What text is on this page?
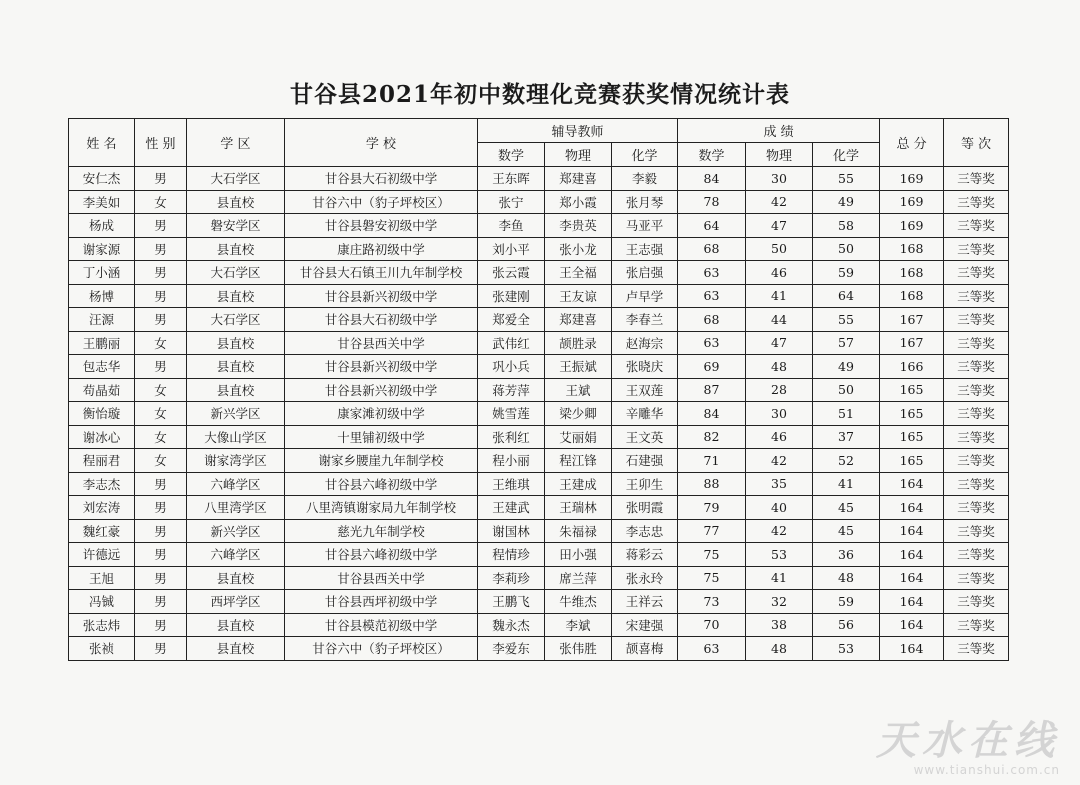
甘谷县2021年初中数理化竞赛获奖情况统计表
姓 名	性 别	学 区	学 校	辅导教师			成 绩			总 分	等 次
				数学	物理	化学	数学	物理	化学		
安仁杰	男	大石学区	甘谷县大石初级中学	王东晖	郑建喜	李毅	84	30	55	169	三等奖
李美如	女	县直校	甘谷六中（豹子坪校区）	张宁	郑小霞	张月琴	78	42	49	169	三等奖
杨成	男	磐安学区	甘谷县磐安初级中学	李鱼	李贵英	马亚平	64	47	58	169	三等奖
谢家源	男	县直校	康庄路初级中学	刘小平	张小龙	王志强	68	50	50	168	三等奖
丁小涵	男	大石学区	甘谷县大石镇王川九年制学校	张云霞	王全福	张启强	63	46	59	168	三等奖
杨博	男	县直校	甘谷县新兴初级中学	张建刚	王友谅	卢早学	63	41	64	168	三等奖
汪源	男	大石学区	甘谷县大石初级中学	郑爱全	郑建喜	李春兰	68	44	55	167	三等奖
王鹏丽	女	县直校	甘谷县西关中学	武伟红	颉胜录	赵海宗	63	47	57	167	三等奖
包志华	男	县直校	甘谷县新兴初级中学	巩小兵	王振斌	张晓庆	69	48	49	166	三等奖
苟晶茹	女	县直校	甘谷县新兴初级中学	蒋芳萍	王斌	王双莲	87	28	50	165	三等奖
衡怡璇	女	新兴学区	康家滩初级中学	姚雪莲	梁少卿	辛雕华	84	30	51	165	三等奖
谢冰心	女	大像山学区	十里铺初级中学	张利红	艾丽娟	王文英	82	46	37	165	三等奖
程丽君	女	谢家湾学区	谢家乡腰崖九年制学校	程小丽	程江锋	石建强	71	42	52	165	三等奖
李志杰	男	六峰学区	甘谷县六峰初级中学	王维琪	王建成	王卯生	88	35	41	164	三等奖
刘宏涛	男	八里湾学区	八里湾镇谢家局九年制学校	王建武	王瑞林	张明霞	79	40	45	164	三等奖
魏红豪	男	新兴学区	慈光九年制学校	谢国林	朱福禄	李志忠	77	42	45	164	三等奖
许德远	男	六峰学区	甘谷县六峰初级中学	程情珍	田小强	蒋彩云	75	53	36	164	三等奖
王旭	男	县直校	甘谷县西关中学	李莉珍	席兰萍	张永玲	75	41	48	164	三等奖
冯铖	男	西坪学区	甘谷县西坪初级中学	王鹏飞	牛维杰	王祥云	73	32	59	164	三等奖
张志炜	男	县直校	甘谷县模范初级中学	魏永杰	李斌	宋建强	70	38	56	164	三等奖
张祯	男	县直校	甘谷六中（豹子坪校区）	李爱东	张伟胜	颉喜梅	63	48	53	164	三等奖
天水在线
www.tianshui.com.cn
